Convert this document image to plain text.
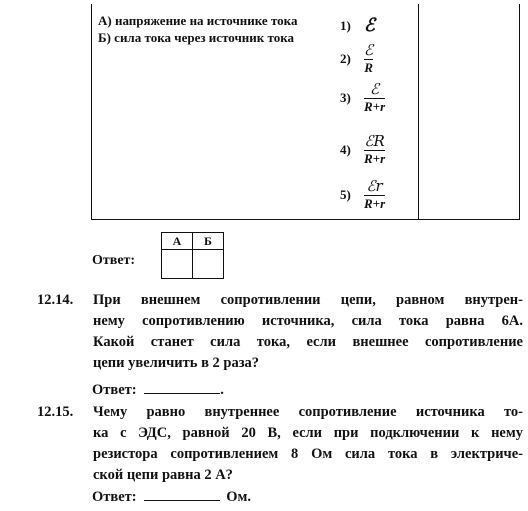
А) напряжение на источнике тока
Б) сила тока через источник тока
1) ℰ
$2) \frac{\text{ℰ}}{R}$
$3) \frac{\text{ℰ}}{R+r}$
$4) \frac{\text{ℰR}}{R+r}$
$5) \frac{\text{ℰr}}{R+r}$
Ответ:
А	Б

12.14. При внешнем сопротивлении цепи, равном внутрен-
нему сопротивлению источника, сила тока равна 6А.
Какой станет сила тока, если внешнее сопротивление
цепи увеличить в 2 раза?
Ответ:	.
12.15. Чему равно внутреннее сопротивление источника то-
ка с ЭДС, равной 20 В, если при подключении к нему
резистора сопротивлением 8 Ом сила тока в электриче-
ской цепи равна 2 А?
Ответ:	Ом.
